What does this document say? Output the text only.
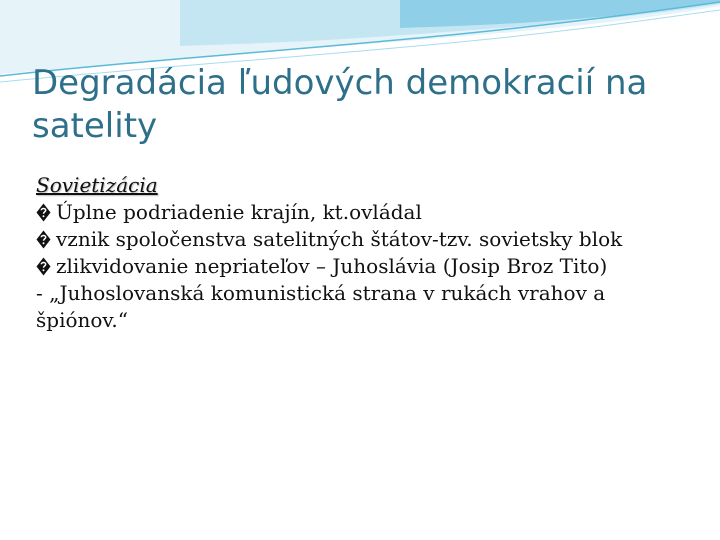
Degradácia ľudových demokracií na satelity
Sovietizácia
Úplne podriadenie krajín, kt.ovládal
vznik spoločenstva satelitných štátov-tzv. sovietsky blok
zlikvidovanie nepriateľov – Juhoslávia (Josip Broz Tito)
- „Juhoslovanská komunistická strana v rukách vrahov a špiónov.“
